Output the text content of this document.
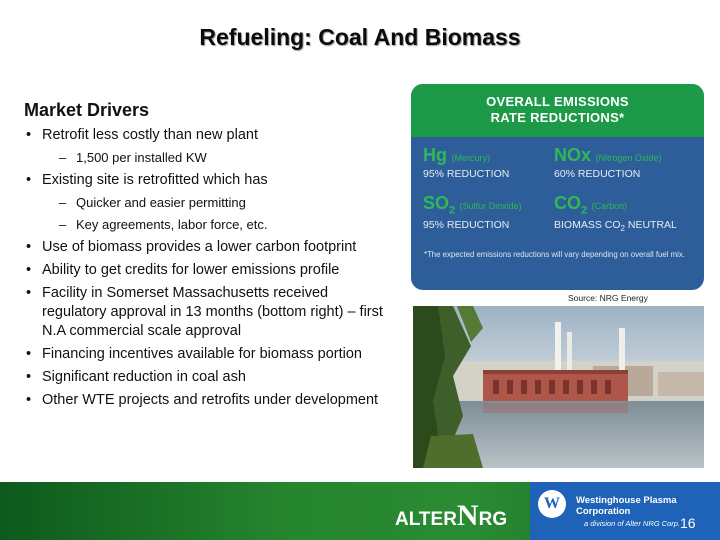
Refueling: Coal And Biomass
Market Drivers
• Retrofit less costly than new plant
– 1,500 per installed KW
• Existing site is retrofitted which has
– Quicker and easier permitting
– Key agreements, labor force, etc.
• Use of biomass provides a lower carbon footprint
• Ability to get credits for lower emissions profile
• Facility in Somerset Massachusetts received regulatory approval in 13 months (bottom right) – first N.A commercial scale approval
• Financing incentives available for biomass portion
• Significant reduction in coal ash
• Other WTE projects and retrofits under development
OVERALL EMISSIONS
RATE REDUCTIONS*
Hg (Mercury)
95% REDUCTION
NOx (Nitrogen Oxide)
60% REDUCTION
$SO_2$ (Sulfur Dioxide)
95% REDUCTION
$CO_2$ (Carbon)
BIOMASS $CO_2$ NEUTRAL
*The expected emissions reductions will vary depending on overall fuel mix.
Source: NRG Energy
ALTERNRG
W	Westinghouse Plasma Corporation
a division of Alter NRG Corp. 16
